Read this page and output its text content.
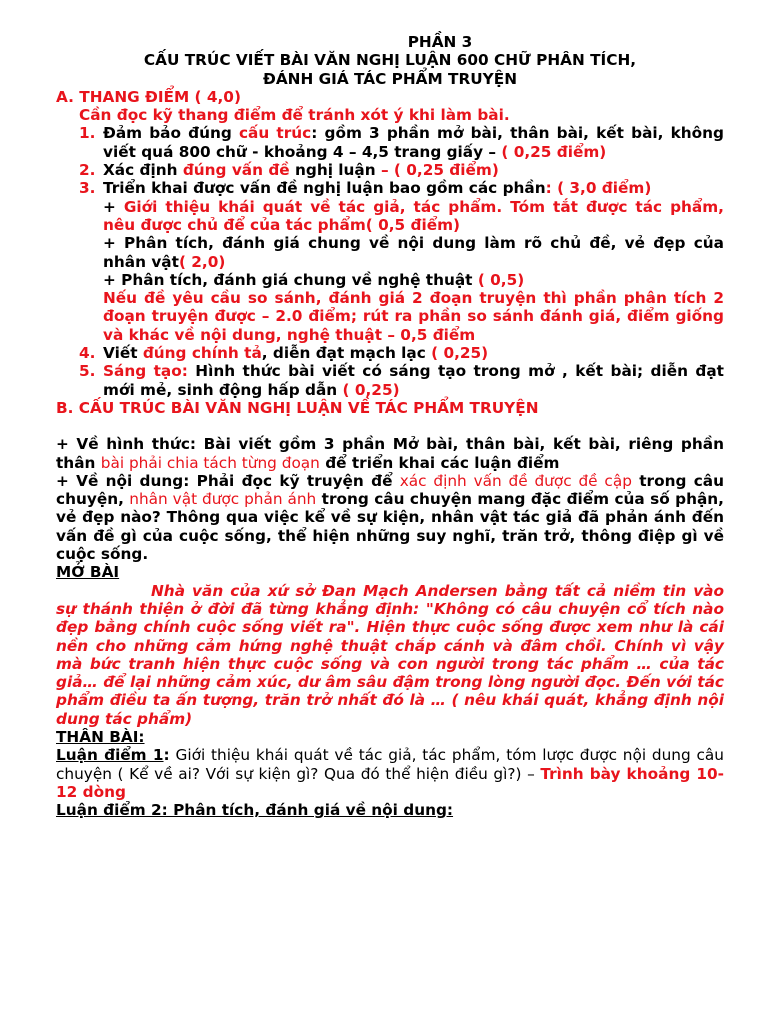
PHẦN 3
CẤU TRÚC VIẾT BÀI VĂN NGHỊ LUẬN 600 CHỮ PHÂN TÍCH,
ĐÁNH GIÁ TÁC PHẨM TRUYỆN
A. THANG ĐIỂM ( 4,0)
Cần đọc kỹ thang điểm để tránh xót ý khi làm bài.
1. Đảm bảo đúng cấu trúc: gồm 3 phần mở bài, thân bài, kết bài, không viết quá 800 chữ - khoảng 4 – 4,5 trang giấy – ( 0,25 điểm)
2. Xác định đúng vấn đề nghị luận – ( 0,25 điểm)
3. Triển khai được vấn đề nghị luận bao gồm các phần: ( 3,0 điểm)
+ Giới thiệu khái quát về tác giả, tác phẩm. Tóm tắt được tác phẩm, nêu được chủ để của tác phẩm( 0,5 điểm)
+ Phân tích, đánh giá chung về nội dung làm rõ chủ đề, vẻ đẹp của nhân vật( 2,0)
+ Phân tích, đánh giá chung về nghệ thuật ( 0,5)
Nếu đề yêu cầu so sánh, đánh giá 2 đoạn truyện thì phần phân tích 2 đoạn truyện được – 2.0 điểm; rút ra phần so sánh đánh giá, điểm giống và khác về nội dung, nghệ thuật – 0,5 điểm
4. Viết đúng chính tả, diễn đạt mạch lạc ( 0,25)
5. Sáng tạo: Hình thức bài viết có sáng tạo trong mở , kết bài; diễn đạt mới mẻ, sinh động hấp dẫn ( 0,25)
B. CẤU TRÚC BÀI VĂN NGHỊ LUẬN VỀ TÁC PHẨM TRUYỆN
+ Về hình thức: Bài viết gồm 3 phần Mở bài, thân bài, kết bài, riêng phần thân bài phải chia tách từng đoạn để triển khai các luận điểm
+ Về nội dung: Phải đọc kỹ truyện để xác định vấn đề được đề cập trong câu chuyện, nhân vật được phản ánh trong câu chuyện mang đặc điểm của số phận, vẻ đẹp nào? Thông qua việc kể về sự kiện, nhân vật tác giả đã phản ánh đến vấn đề gì của cuộc sống, thể hiện những suy nghĩ, trăn trở, thông điệp gì về cuộc sống.
MỞ BÀI
Nhà văn của xứ sở Đan Mạch Andersen bằng tất cả niềm tin vào sự thánh thiện ở đời đã từng khẳng định: "Không có câu chuyện cổ tích nào đẹp bằng chính cuộc sống viết ra". Hiện thực cuộc sống được xem như là cái nền cho những cảm hứng nghệ thuật chắp cánh và đâm chồi. Chính vì vậy mà bức tranh hiện thực cuộc sống và con người trong tác phẩm … của tác giả… để lại những cảm xúc, dư âm sâu đậm trong lòng người đọc. Đến với tác phẩm điều ta ấn tượng, trăn trở nhất đó là … ( nêu khái quát, khẳng định nội dung tác phẩm)
THÂN BÀI:
Luận điểm 1: Giới thiệu khái quát về tác giả, tác phẩm, tóm lược được nội dung câu chuyện ( Kể về ai? Với sự kiện gì? Qua đó thể hiện điều gì?) – Trình bày khoảng 10-12 dòng
Luận điểm 2: Phân tích, đánh giá về nội dung:
